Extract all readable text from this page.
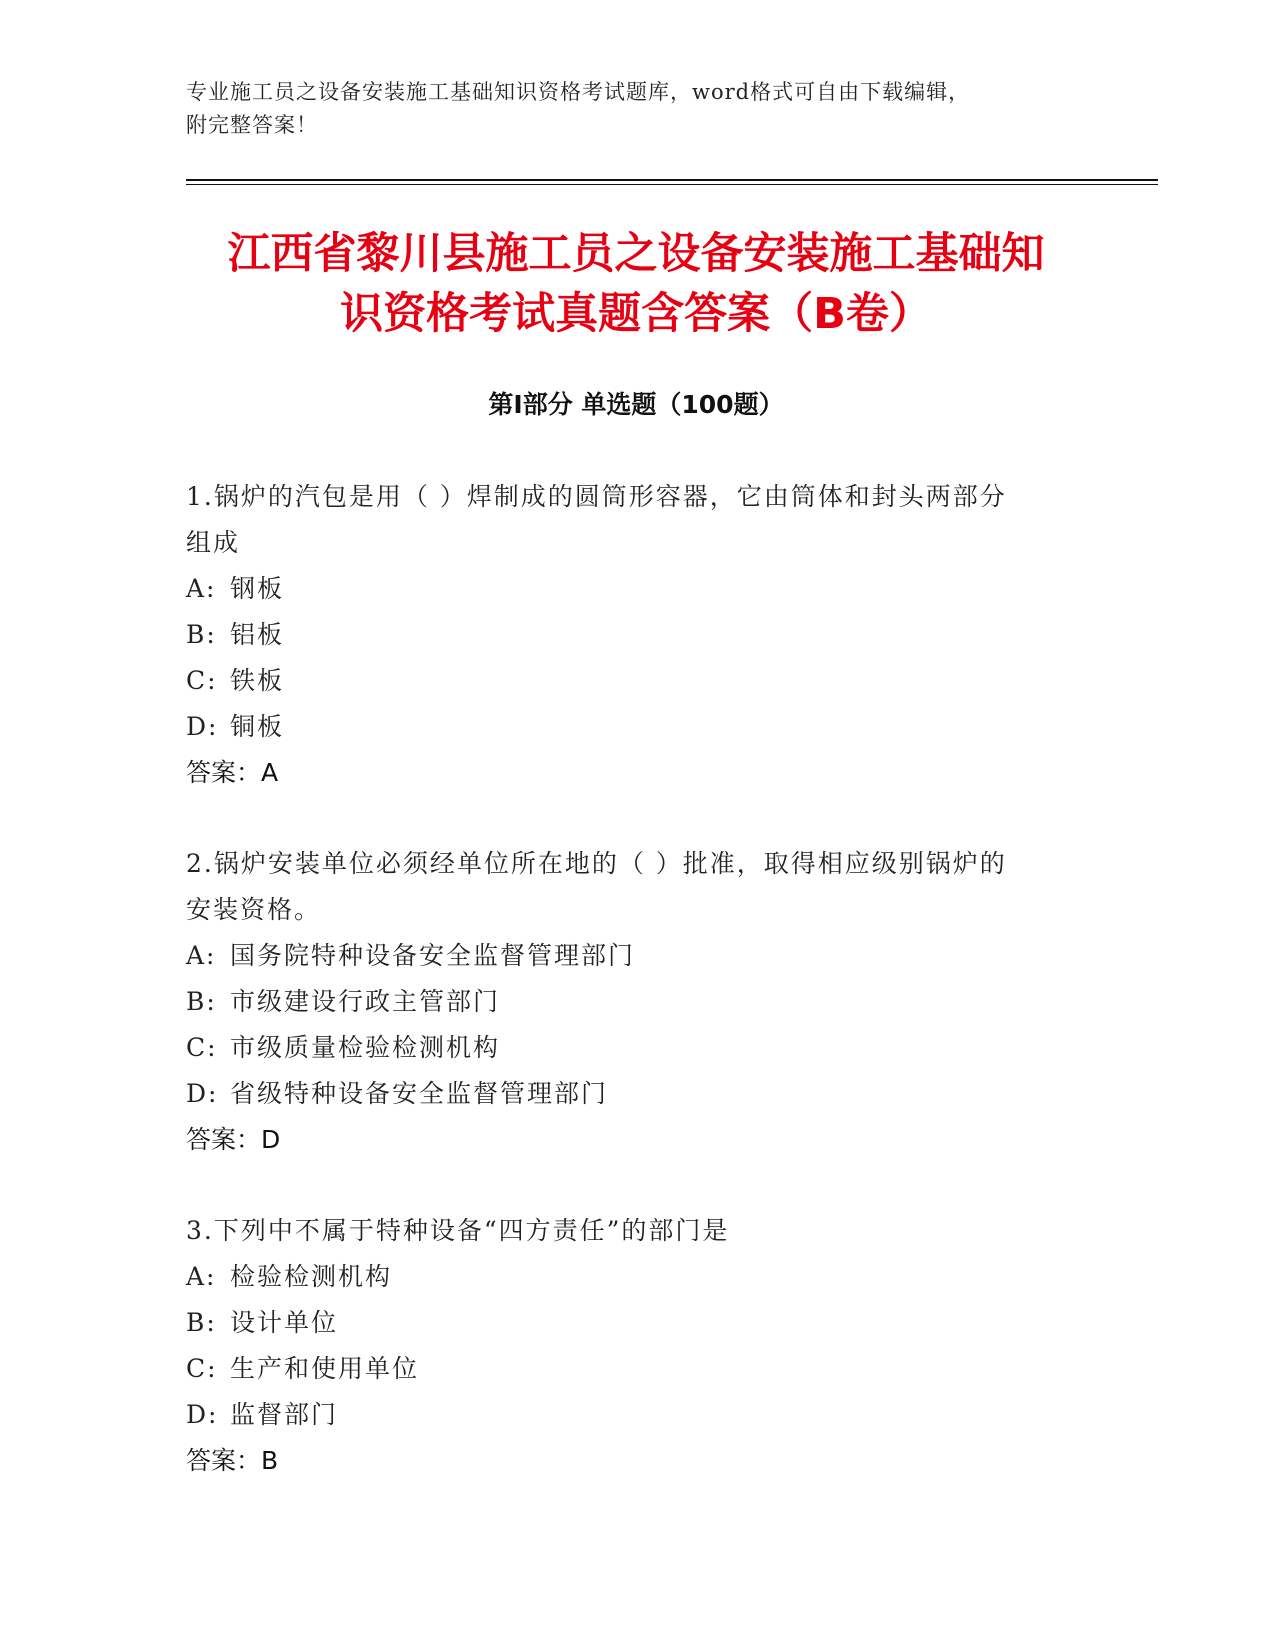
专业施工员之设备安装施工基础知识资格考试题库，word格式可自由下载编辑，
附完整答案！
江西省黎川县施工员之设备安装施工基础知
识资格考试真题含答案（B卷）
第Ⅰ部分 单选题（100题）
1.锅炉的汽包是用（ ）焊制成的圆筒形容器，它由筒体和封头两部分
组成
A: 钢板
B: 铝板
C: 铁板
D: 铜板
答案：A
2.锅炉安装单位必须经单位所在地的（ ）批准，取得相应级别锅炉的
安装资格。
A: 国务院特种设备安全监督管理部门
B: 市级建设行政主管部门
C: 市级质量检验检测机构
D: 省级特种设备安全监督管理部门
答案：D
3.下列中不属于特种设备“四方责任”的部门是
A: 检验检测机构
B: 设计单位
C: 生产和使用单位
D: 监督部门
答案：B
